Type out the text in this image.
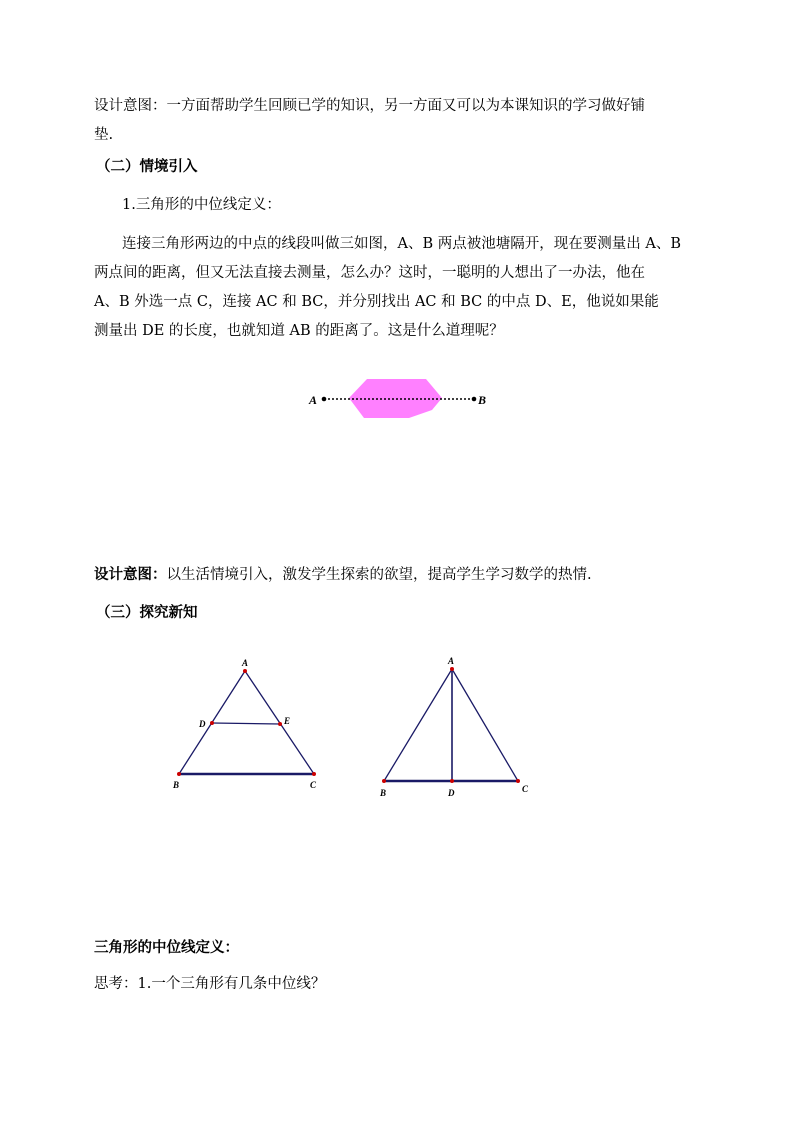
设计意图：一方面帮助学生回顾已学的知识，另一方面又可以为本课知识的学习做好铺
垫.
（二）情境引入
1.三角形的中位线定义：
连接三角形两边的中点的线段叫做三如图，A、B 两点被池塘隔开，现在要测量出 A、B
两点间的距离，但又无法直接去测量，怎么办？这时，一聪明的人想出了一办法，他在
A、B 外选一点 C，连接 AC 和 BC，并分别找出 AC 和 BC 的中点 D、E，他说如果能
测量出 DE 的长度，也就知道 AB 的距离了。这是什么道理呢？
A	B
A
B	C
D	E
A
B	C
D
设计意图：以生活情境引入，激发学生探索的欲望，提高学生学习数学的热情.
（三）探究新知
三角形的中位线定义：
思考：1.一个三角形有几条中位线？
